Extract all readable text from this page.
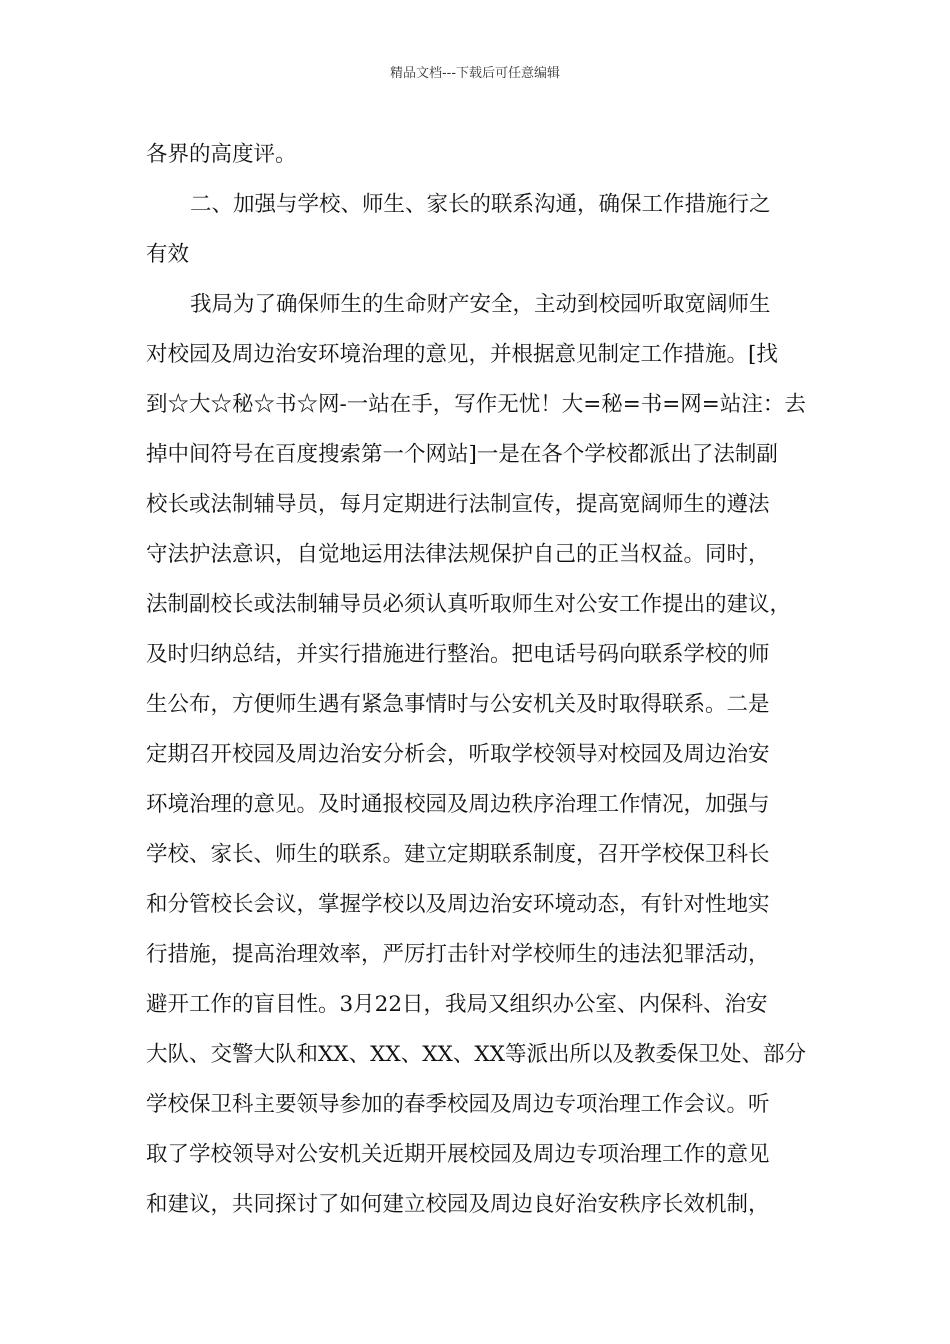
精品文档---下载后可任意编辑
各界的高度评。
二、加强与学校、师生、家长的联系沟通，确保工作措施行之
有效
我局为了确保师生的生命财产安全，主动到校园听取宽阔师生
对校园及周边治安环境治理的意见，并根据意见制定工作措施。[找
到☆大☆秘☆书☆网-一站在手，写作无忧！大=秘=书=网=站注：去
掉中间符号在百度搜索第一个网站]一是在各个学校都派出了法制副
校长或法制辅导员，每月定期进行法制宣传，提高宽阔师生的遵法
守法护法意识，自觉地运用法律法规保护自己的正当权益。同时，
法制副校长或法制辅导员必须认真听取师生对公安工作提出的建议，
及时归纳总结，并实行措施进行整治。把电话号码向联系学校的师
生公布，方便师生遇有紧急事情时与公安机关及时取得联系。二是
定期召开校园及周边治安分析会，听取学校领导对校园及周边治安
环境治理的意见。及时通报校园及周边秩序治理工作情况，加强与
学校、家长、师生的联系。建立定期联系制度，召开学校保卫科长
和分管校长会议，掌握学校以及周边治安环境动态，有针对性地实
行措施，提高治理效率，严厉打击针对学校师生的违法犯罪活动，
避开工作的盲目性。3月22日，我局又组织办公室、内保科、治安
大队、交警大队和XX、XX、XX、XX等派出所以及教委保卫处、部分
学校保卫科主要领导参加的春季校园及周边专项治理工作会议。听
取了学校领导对公安机关近期开展校园及周边专项治理工作的意见
和建议，共同探讨了如何建立校园及周边良好治安秩序长效机制，
